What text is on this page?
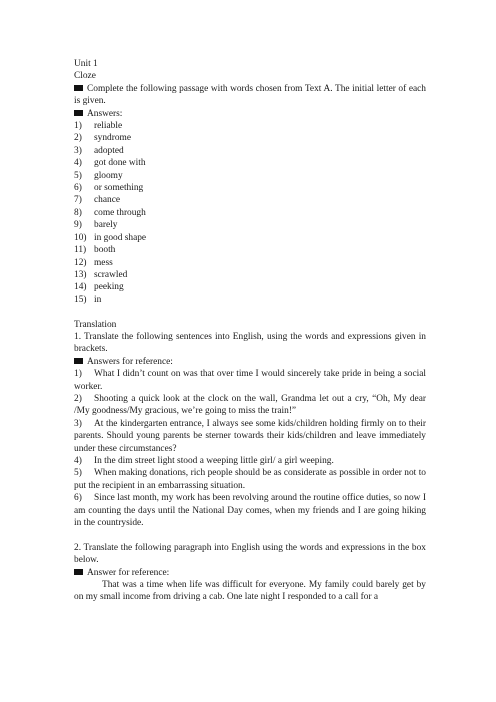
Unit 1
Cloze
Complete the following passage with words chosen from Text A. The initial letter of each is given.
Answers:
1) reliable
2) syndrome
3) adopted
4) got done with
5) gloomy
6) or something
7) chance
8) come through
9) barely
10) in good shape
11) booth
12) mess
13) scrawled
14) peeking
15) in
Translation
1. Translate the following sentences into English, using the words and expressions given in brackets.
Answers for reference:
1) What I didn’t count on was that over time I would sincerely take pride in being a social worker.
2) Shooting a quick look at the clock on the wall, Grandma let out a cry, “Oh, My dear /My goodness/My gracious, we’re going to miss the train!”
3) At the kindergarten entrance, I always see some kids/children holding firmly on to their parents. Should young parents be sterner towards their kids/children and leave immediately under these circumstances?
4) In the dim street light stood a weeping little girl/ a girl weeping.
5) When making donations, rich people should be as considerate as possible in order not to put the recipient in an embarrassing situation.
6) Since last month, my work has been revolving around the routine office duties, so now I am counting the days until the National Day comes, when my friends and I are going hiking in the countryside.
2. Translate the following paragraph into English using the words and expressions in the box below.
Answer for reference:
That was a time when life was difficult for everyone. My family could barely get by on my small income from driving a cab. One late night I responded to a call for a
